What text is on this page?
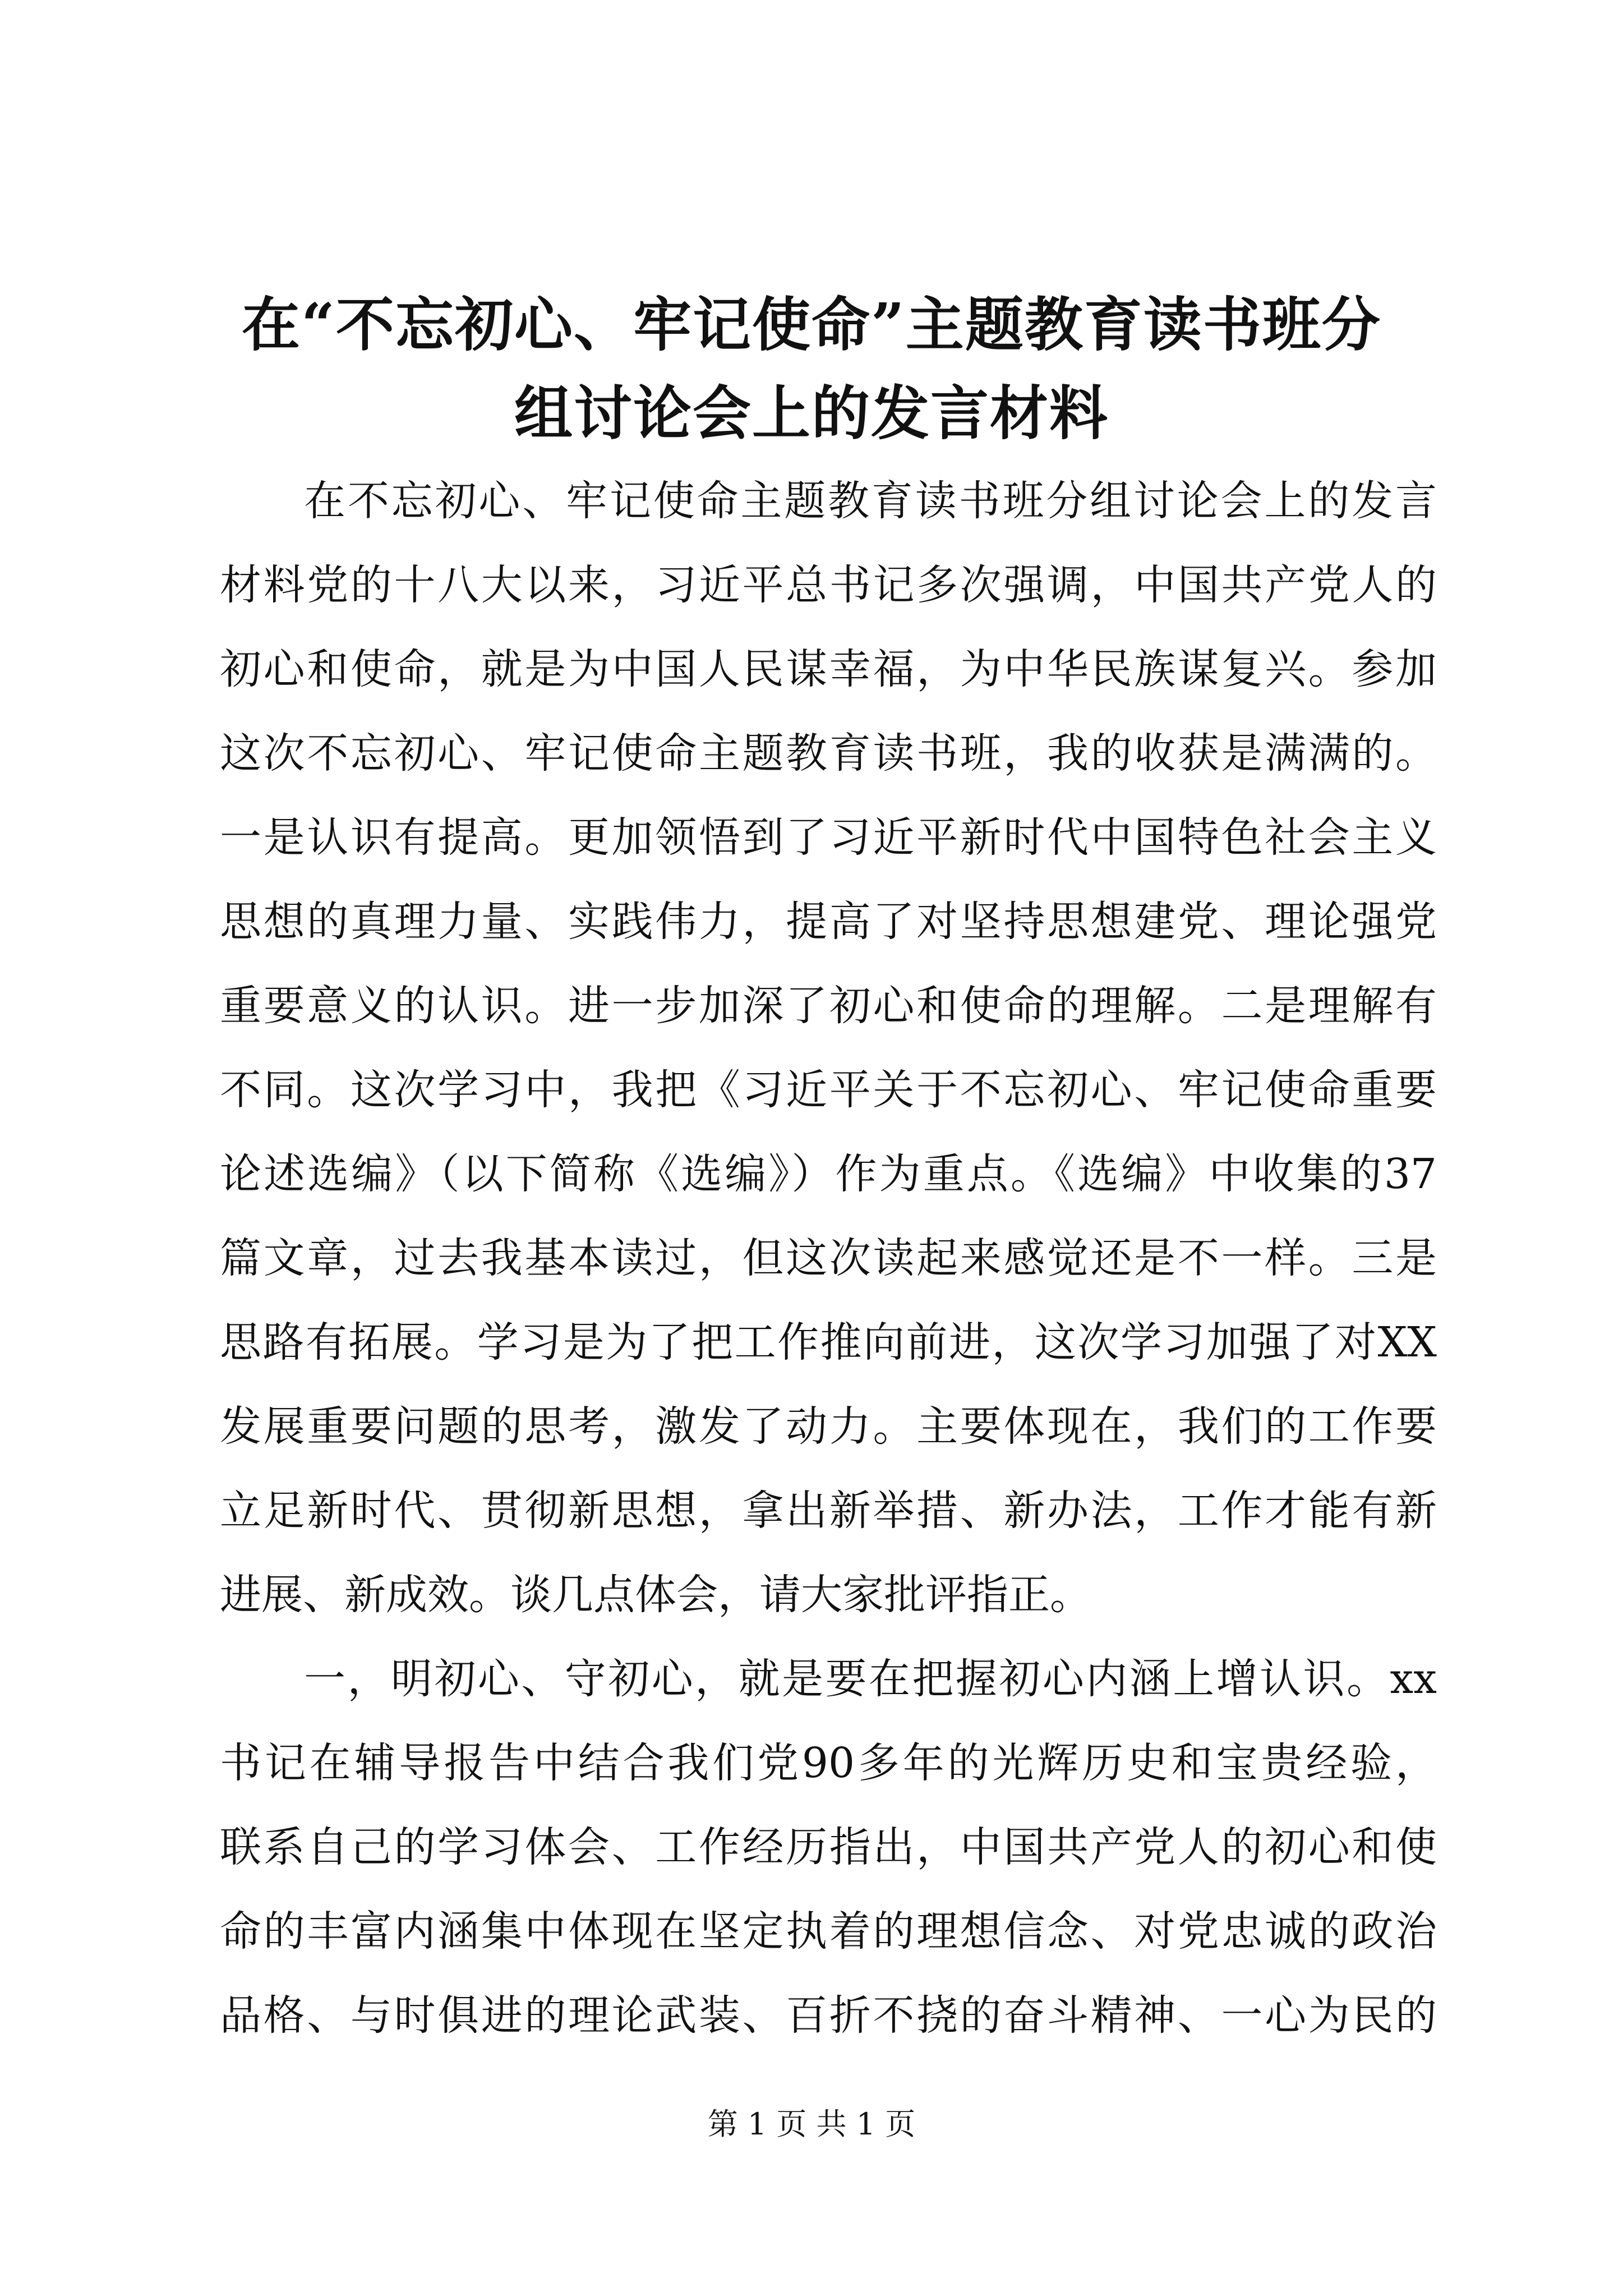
在“不忘初心、牢记使命”主题教育读书班分
组讨论会上的发言材料

在不忘初心、牢记使命主题教育读书班分组讨论会上的发言
材料党的十八大以来，习近平总书记多次强调，中国共产党人的
初心和使命，就是为中国人民谋幸福，为中华民族谋复兴。参加
这次不忘初心、牢记使命主题教育读书班，我的收获是满满的。
一是认识有提高。更加领悟到了习近平新时代中国特色社会主义
思想的真理力量、实践伟力，提高了对坚持思想建党、理论强党
重要意义的认识。进一步加深了初心和使命的理解。二是理解有
不同。这次学习中，我把《习近平关于不忘初心、牢记使命重要
论述选编》（以下简称《选编》）作为重点。《选编》中收集的37
篇文章，过去我基本读过，但这次读起来感觉还是不一样。三是
思路有拓展。学习是为了把工作推向前进，这次学习加强了对XX
发展重要问题的思考，激发了动力。主要体现在，我们的工作要
立足新时代、贯彻新思想，拿出新举措、新办法，工作才能有新
进展、新成效。谈几点体会，请大家批评指正。

一，明初心、守初心，就是要在把握初心内涵上增认识。xx
书记在辅导报告中结合我们党90多年的光辉历史和宝贵经验，
联系自己的学习体会、工作经历指出，中国共产党人的初心和使
命的丰富内涵集中体现在坚定执着的理想信念、对党忠诚的政治
品格、与时俱进的理论武装、百折不挠的奋斗精神、一心为民的

第 1 页 共 1 页
